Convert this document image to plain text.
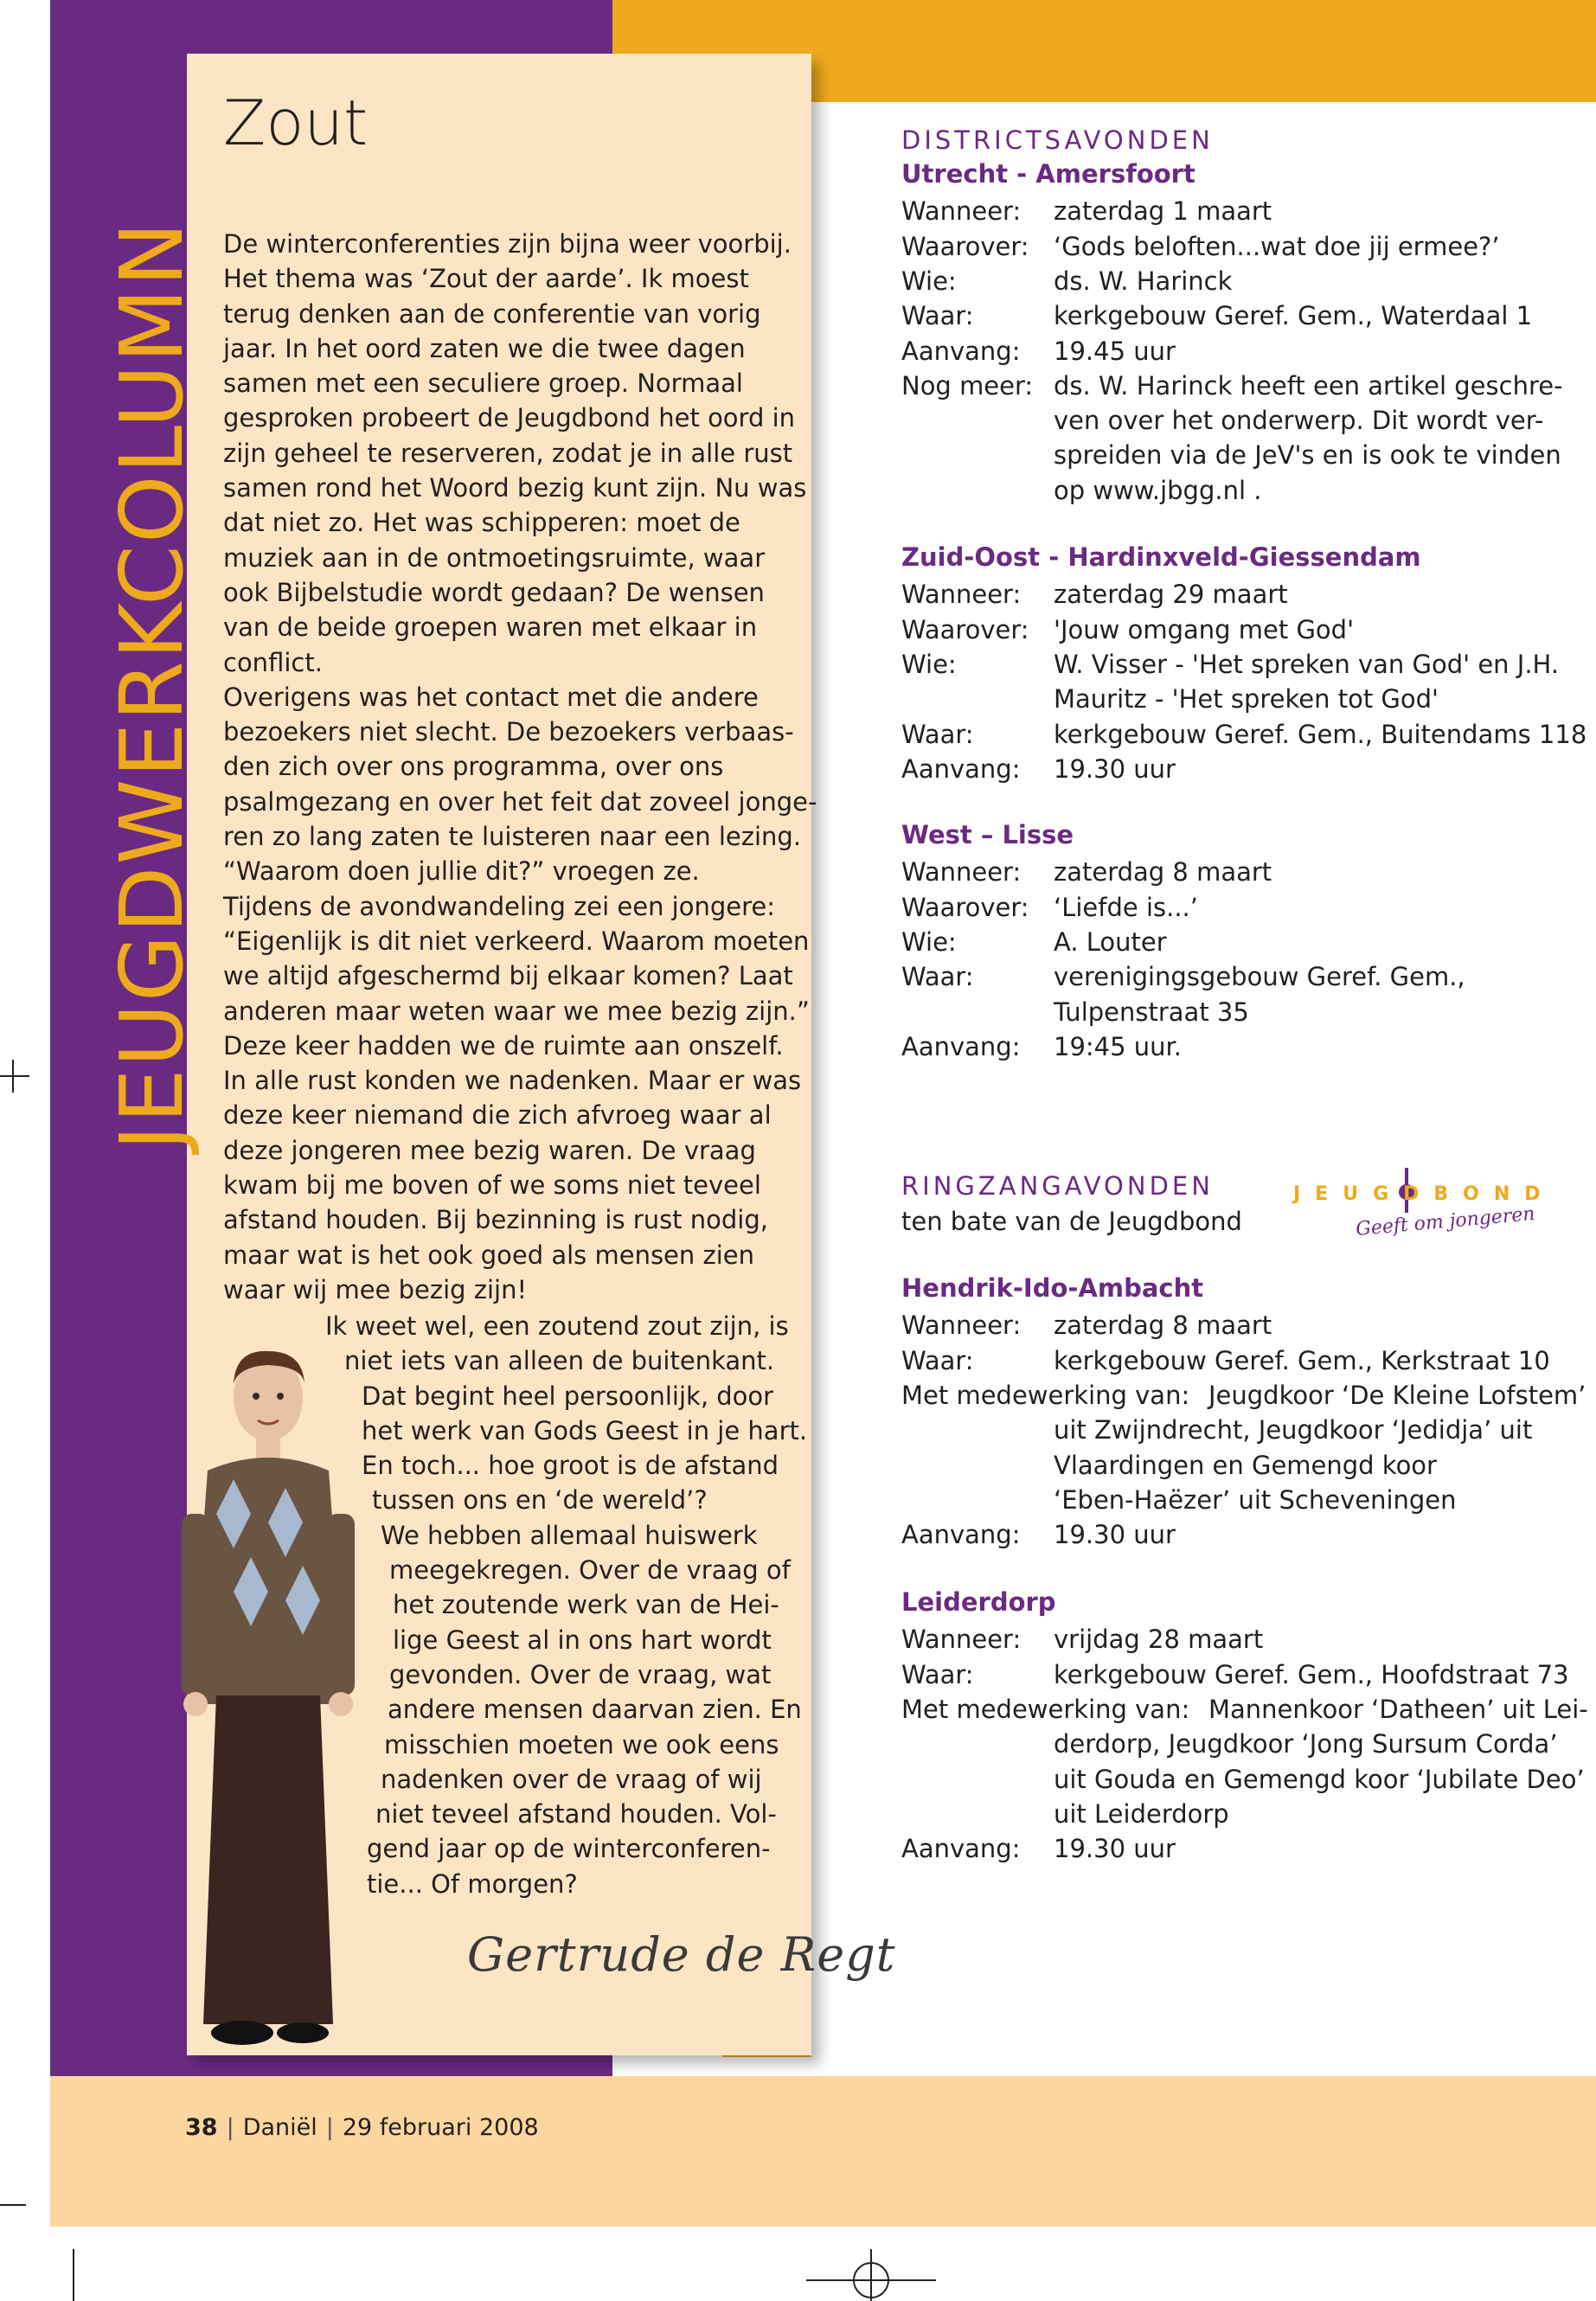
JEUGDWERKCOLUMN
Zout
De winterconferenties zijn bijna weer voorbij.
Het thema was ‘Zout der aarde’. Ik moest
terug denken aan de conferentie van vorig
jaar. In het oord zaten we die twee dagen
samen met een seculiere groep. Normaal
gesproken probeert de Jeugdbond het oord in
zijn geheel te reserveren, zodat je in alle rust
samen rond het Woord bezig kunt zijn. Nu was
dat niet zo. Het was schipperen: moet de
muziek aan in de ontmoetingsruimte, waar
ook Bijbelstudie wordt gedaan? De wensen
van de beide groepen waren met elkaar in
conflict.
Overigens was het contact met die andere
bezoekers niet slecht. De bezoekers verbaas-
den zich over ons programma, over ons
psalmgezang en over het feit dat zoveel jonge-
ren zo lang zaten te luisteren naar een lezing.
“Waarom doen jullie dit?” vroegen ze.
Tijdens de avondwandeling zei een jongere:
“Eigenlijk is dit niet verkeerd. Waarom moeten
we altijd afgeschermd bij elkaar komen? Laat
anderen maar weten waar we mee bezig zijn.”
Deze keer hadden we de ruimte aan onszelf.
In alle rust konden we nadenken. Maar er was
deze keer niemand die zich afvroeg waar al
deze jongeren mee bezig waren. De vraag
kwam bij me boven of we soms niet teveel
afstand houden. Bij bezinning is rust nodig,
maar wat is het ook goed als mensen zien
waar wij mee bezig zijn!
Ik weet wel, een zoutend zout zijn, is
niet iets van alleen de buitenkant.
Dat begint heel persoonlijk, door
het werk van Gods Geest in je hart.
En toch... hoe groot is de afstand
tussen ons en ‘de wereld’?
We hebben allemaal huiswerk
meegekregen. Over de vraag of
het zoutende werk van de Hei-
lige Geest al in ons hart wordt
gevonden. Over de vraag, wat
andere mensen daarvan zien. En
misschien moeten we ook eens
nadenken over de vraag of wij
niet teveel afstand houden. Vol-
gend jaar op de winterconferen-
tie... Of morgen?
Gertrude de Regt
DISTRICTSAVONDEN
Utrecht - Amersfoort
Wanneer: zaterdag 1 maart
Waarover: ‘Gods beloften...wat doe jij ermee?’
Wie:	ds. W. Harinck
Waar:	kerkgebouw Geref. Gem., Waterdaal 1
Aanvang: 19.45 uur
Nog meer: ds. W. Harinck heeft een artikel geschre-
ven over het onderwerp. Dit wordt ver-
spreiden via de JeV's en is ook te vinden
op www.jbgg.nl .
Zuid-Oost - Hardinxveld-Giessendam
Wanneer: zaterdag 29 maart
Waarover: 'Jouw omgang met God'
Wie:	W. Visser - 'Het spreken van God' en J.H.
Mauritz - 'Het spreken tot God'
Waar:	kerkgebouw Geref. Gem., Buitendams 118
Aanvang: 19.30 uur
West – Lisse
Wanneer: zaterdag 8 maart
Waarover: ‘Liefde is...’
Wie:	A. Louter
Waar:	verenigingsgebouw Geref. Gem.,
Tulpenstraat 35
Aanvang: 19:45 uur.
Hendrik-Ido-Ambacht
Wanneer: zaterdag 8 maart
Waar:	kerkgebouw Geref. Gem., Kerkstraat 10
Met medewerking van: Jeugdkoor ‘De Kleine Lofstem’
uit Zwijndrecht, Jeugdkoor ‘Jedidja’ uit
Vlaardingen en Gemengd koor
‘Eben-Haëzer’ uit Scheveningen
Aanvang: 19.30 uur
Leiderdorp
Wanneer: vrijdag 28 maart
Waar:	kerkgebouw Geref. Gem., Hoofdstraat 73
Met medewerking van: Mannenkoor ‘Datheen’ uit Lei-
derdorp, Jeugdkoor ‘Jong Sursum Corda’
uit Gouda en Gemengd koor ‘Jubilate Deo’
uit Leiderdorp
Aanvang: 19.30 uur
RINGZANGAVONDEN
ten bate van de Jeugdbond
JEUGDBOND
Geeft om jongeren
38 | Daniël | 29 februari 2008
